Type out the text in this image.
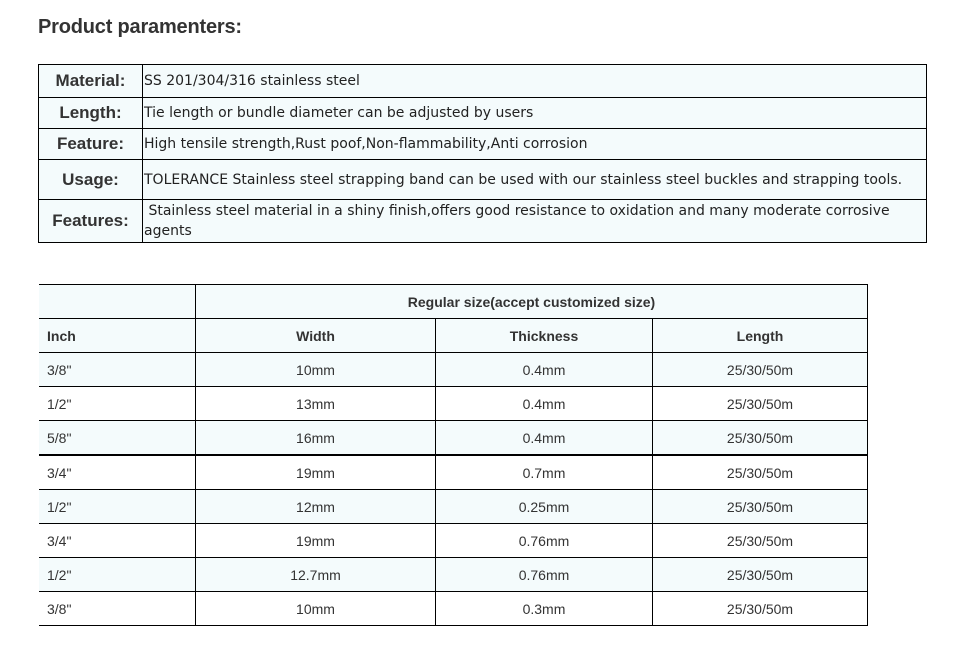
Product paramenters:
Material:	SS 201/304/316 stainless steel
Length:	Tie length or bundle diameter can be adjusted by users
Feature:	High tensile strength,Rust poof,Non-flammability,Anti corrosion
Usage:	TOLERANCE Stainless steel strapping band can be used with our stainless steel buckles and strapping tools.
Features:	Stainless steel material in a shiny finish,offers good resistance to oxidation and many moderate corrosive agents
	Regular size(accept customized size)		
Inch	Width	Thickness	Length
3/8"	10mm	0.4mm	25/30/50m
1/2"	13mm	0.4mm	25/30/50m
5/8"	16mm	0.4mm	25/30/50m
3/4"	19mm	0.7mm	25/30/50m
1/2"	12mm	0.25mm	25/30/50m
3/4"	19mm	0.76mm	25/30/50m
1/2"	12.7mm	0.76mm	25/30/50m
3/8"	10mm	0.3mm	25/30/50m
